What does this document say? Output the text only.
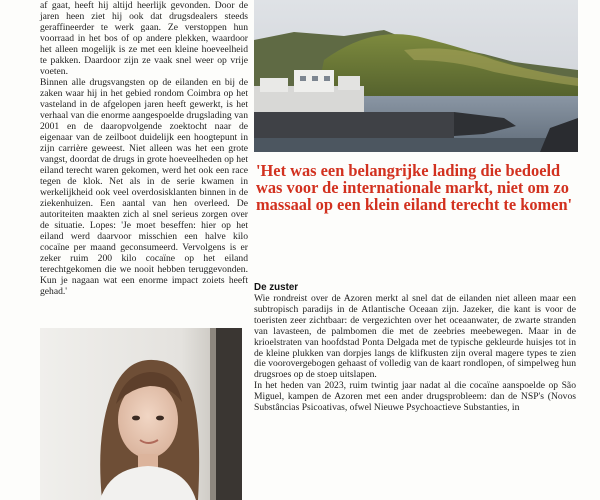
af gaat, heeft hij altijd heerlijk gevonden. Door de jaren heen ziet hij ook dat drugsdealers steeds geraffineerder te werk gaan. Ze verstoppen hun voorraad in het bos of op andere plekken, waardoor het alleen mogelijk is ze met een kleine hoeveelheid te pakken. Daardoor zijn ze vaak snel weer op vrije voeten.

Binnen alle drugsvangsten op de eilanden en bij de zaken waar hij in het gebied rondom Coimbra op het vasteland in de afgelopen jaren heeft gewerkt, is het verhaal van die enorme aangespoelde drugslading van 2001 en de daaropvolgende zoektocht naar de eigenaar van de zeilboot duidelijk een hoogtepunt in zijn carrière geweest. Niet alleen was het een grote vangst, doordat de drugs in grote hoeveelheden op het eiland terecht waren gekomen, werd het ook een race tegen de klok. Net als in de serie kwamen in werkelijkheid ook veel overdosisklanten binnen in de ziekenhuizen. Een aantal van hen overleed. De autoriteiten maakten zich al snel serieus zorgen over de situatie. Lopes: 'Je moet beseffen: hier op het eiland werd daarvoor misschien een halve kilo cocaïne per maand geconsumeerd. Vervolgens is er zeker ruim 200 kilo cocaïne op het eiland terechtgekomen die we nooit hebben teruggevonden. Kun je nagaan wat een enorme impact zoiets heeft gehad.'

'Het was een belangrijke lading die bedoeld was voor de internationale markt, niet om zo massaal op een klein eiland terecht te komen'
De zuster

Wie rondreist over de Azoren merkt al snel dat de eilanden niet alleen maar een subtropisch paradijs in de Atlantische Oceaan zijn. Jazeker, die kant is voor de toeristen zeer zichtbaar: de vergezichten over het oceaanwater, de zwarte stranden van lavasteen, de palmbomen die met de zeebries meebewegen. Maar in de krioelstraten van hoofdstad Ponta Delgada met de typische gekleurde huisjes tot in de kleine plukken van dorpjes langs de klifkusten zijn overal magere types te zien die voorovergebogen gehaast of volledig van de kaart rondlopen, of simpelweg hun drugsroes op de stoep uitslapen.

In het heden van 2023, ruim twintig jaar nadat al die cocaïne aanspoelde op São Miguel, kampen de Azoren met een ander drugsprobleem: dan de NSP's (Novos Substâncias Psicoativas, ofwel Nieuwe Psychoactieve Substanties, in
